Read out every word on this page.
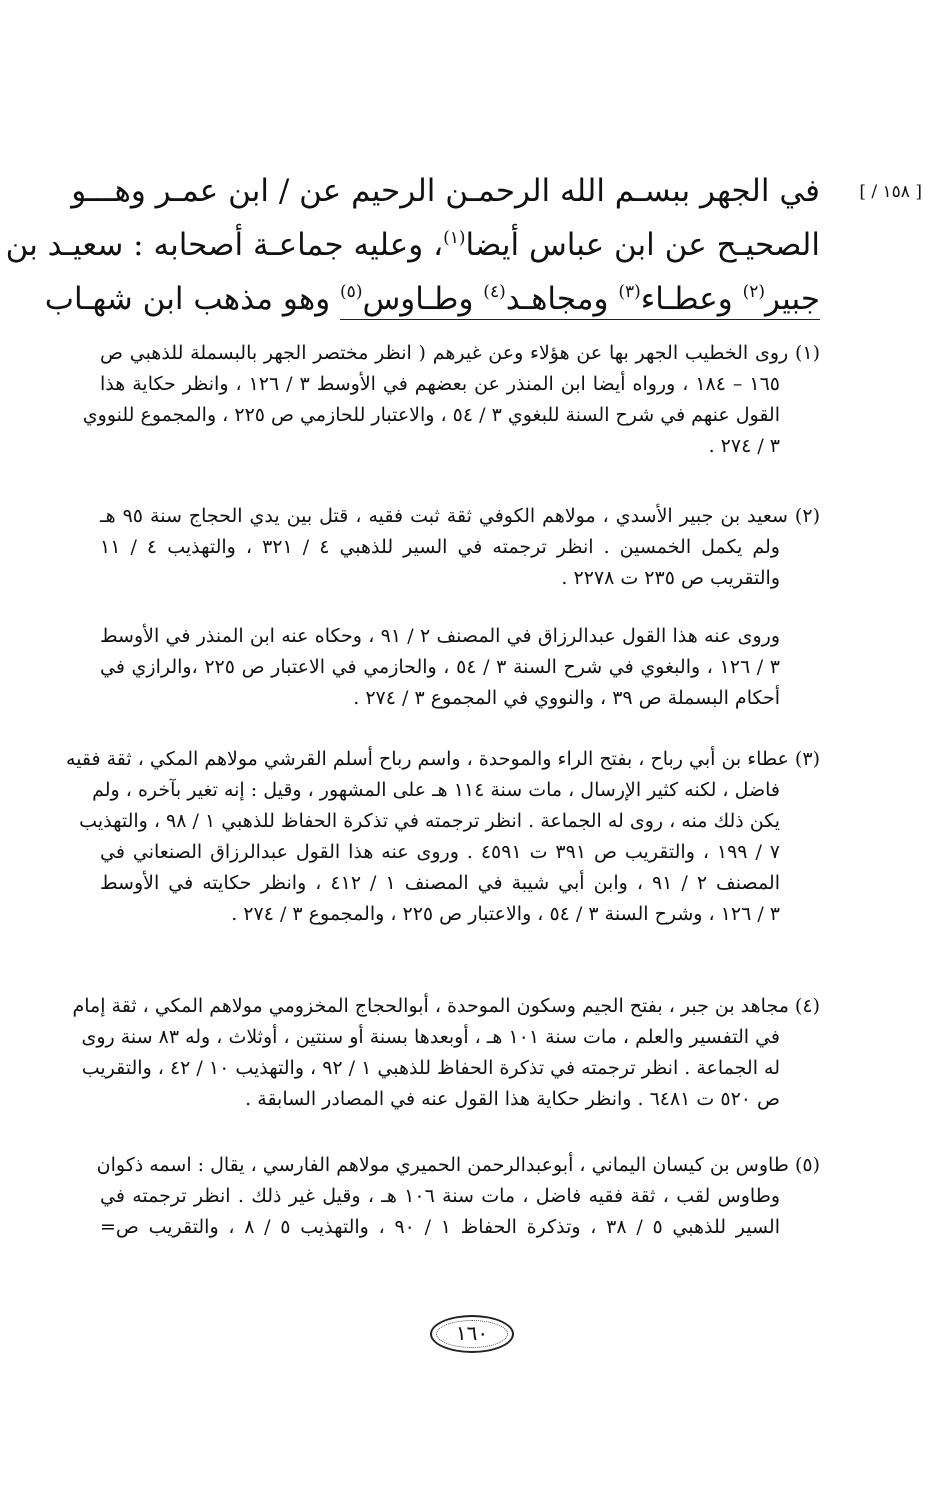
[ ١٥٨ / ]
في الجهر ببسـم الله الرحمـن الرحيم عن / ابن عمـر وهـــو
الصحيـح عن ابن عباس أيضا$^{(١)}$، وعليه جماعـة أصحابه : سعيـد بن
جبير$^{(٢)}$ وعطـاء$^{(٣)}$ ومجاهـد$^{(٤)}$ وطـاوس$^{(٥)}$ وهو مذهب ابن شهـاب
(١) روى الخطيب الجهر بها عن هؤلاء وعن غيرهم ( انظر مختصر الجهر بالبسملة للذهبي ص
١٦٥ – ١٨٤ ، ورواه أيضا ابن المنذر عن بعضهم في الأوسط ٣ / ١٢٦ ، وانظر حكاية هذا
القول عنهم في شرح السنة للبغوي ٣ / ٥٤ ، والاعتبار للحازمي ص ٢٢٥ ، والمجموع للنووي
٣ / ٢٧٤ .
(٢) سعيد بن جبير الأسدي ، مولاهم الكوفي ثقة ثبت فقيه ، قتل بين يدي الحجاج سنة ٩٥ هـ
ولم يكمل الخمسين . انظر ترجمته في السير للذهبي ٤ / ٣٢١ ، والتهذيب ٤ / ١١
والتقريب ص ٢٣٥ ت ٢٢٧٨ .
وروى عنه هذا القول عبدالرزاق في المصنف ٢ / ٩١ ، وحكاه عنه ابن المنذر في الأوسط
٣ / ١٢٦ ، والبغوي في شرح السنة ٣ / ٥٤ ، والحازمي في الاعتبار ص ٢٢٥ ،والرازي في
أحكام البسملة ص ٣٩ ، والنووي في المجموع ٣ / ٢٧٤ .
(٣) عطاء بن أبي رباح ، بفتح الراء والموحدة ، واسم رباح أسلم القرشي مولاهم المكي ، ثقة فقيه
فاضل ، لكنه كثير الإرسال ، مات سنة ١١٤ هـ على المشهور ، وقيل : إنه تغير بآخره ، ولم
يكن ذلك منه ، روى له الجماعة . انظر ترجمته في تذكرة الحفاظ للذهبي ١ / ٩٨ ، والتهذيب
٧ / ١٩٩ ، والتقريب ص ٣٩١ ت ٤٥٩١ . وروى عنه هذا القول عبدالرزاق الصنعاني في
المصنف ٢ / ٩١ ، وابن أبي شيبة في المصنف ١ / ٤١٢ ، وانظر حكايته في الأوسط
٣ / ١٢٦ ، وشرح السنة ٣ / ٥٤ ، والاعتبار ص ٢٢٥ ، والمجموع ٣ / ٢٧٤ .
(٤) مجاهد بن جبر ، بفتح الجيم وسكون الموحدة ، أبوالحجاج المخزومي مولاهم المكي ، ثقة إمام
في التفسير والعلم ، مات سنة ١٠١ هـ ، أوبعدها بسنة أو سنتين ، أوثلاث ، وله ٨٣ سنة روى
له الجماعة . انظر ترجمته في تذكرة الحفاظ للذهبي ١ / ٩٢ ، والتهذيب ١٠ / ٤٢ ، والتقريب
ص ٥٢٠ ت ٦٤٨١ . وانظر حكاية هذا القول عنه في المصادر السابقة .
(٥) طاوس بن كيسان اليماني ، أبوعبدالرحمن الحميري مولاهم الفارسي ، يقال : اسمه ذكوان
وطاوس لقب ، ثقة فقيه فاضل ، مات سنة ١٠٦ هـ ، وقيل غير ذلك . انظر ترجمته في
السير للذهبي ٥ / ٣٨ ، وتذكرة الحفاظ ١ / ٩٠ ، والتهذيب ٥ / ٨ ، والتقريب ص=
١٦٠
